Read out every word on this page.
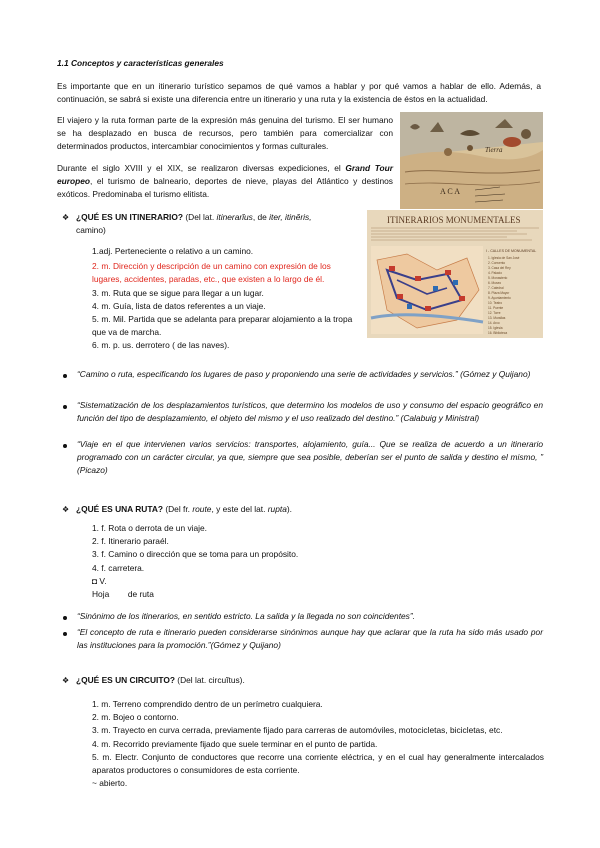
1.1 Conceptos y características generales
Es importante que en un itinerario turístico sepamos de qué vamos a hablar y por qué vamos a hablar de ello. Además, a continuación, se sabrá si existe una diferencia entre un itinerario y una ruta y la existencia de éstos en la actualidad.
El viajero y la ruta forman parte de la expresión más genuina del turismo. El ser humano se ha desplazado en busca de recursos, pero también para comercializar con determinados productos, intercambiar conocimientos y formas culturales.
Durante el siglo XVIII y el XIX, se realizaron diversas expediciones, el Grand Tour europeo, el turismo de balneario, deportes de nieve, playas del Atlántico y destinos exóticos. Predominaba el turismo elitista.
Tierra
A C A
❖ ¿QUÉ ES UN ITINERARIO? (Del lat. itinerarĭus, de iter, itinĕris,
camino)
1.adj. Perteneciente o relativo a un camino.
2. m. Dirección y descripción de un camino con expresión de los lugares, accidentes, paradas, etc., que existen a lo largo de él.
3. m. Ruta que se sigue para llegar a un lugar.
4. m. Guía, lista de datos referentes a un viaje.
5. m. Mil. Partida que se adelanta para preparar alojamiento a la tropa que va de marcha.
6. m. p. us. derrotero ( de las naves).
ITINERARIOS MONUMENTALES
I - CALLES DE MONUMENTAL
1. Iglesia de San José
2. Convento
3. Casa del Rey
4. Palacio
5. Monasterio
6. Museo
7. Catedral
8. Plaza Mayor
9. Ayuntamiento
10. Teatro
11. Puente
12. Torre
13. Murallas
14. Arco
15. Iglesia
16. Biblioteca
“Camino o ruta, especificando los lugares de paso y proponiendo una serie de actividades y servicios.” (Gómez y Quijano)
“Sistematización de los desplazamientos turísticos, que determino los modelos de uso y consumo del espacio geográfico en función del tipo de desplazamiento, el objeto del mismo y el uso realizado del destino.” (Calabuig y Ministral)
“Viaje en el que intervienen varios servicios: transportes, alojamiento, guía... Que se realiza de acuerdo a un itinerario programado con un carácter circular, ya que, siempre que sea posible, deberían ser el punto de salida y destino el mismo, ” (Picazo)
❖ ¿QUÉ ES UNA RUTA? (Del fr. route, y este del lat. rupta).
1. f. Rota o derrota de un viaje.
2. f. Itinerario paraél.
3. f. Camino o dirección que se toma para un propósito.
4. f. carretera.
◘ V.
Hoja        de ruta
“Sinónimo de los itinerarios, en sentido estricto. La salida y la llegada no son coincidentes”.
“El concepto de ruta e itinerario pueden considerarse sinónimos aunque hay que aclarar que la ruta ha sido más usado por las instituciones para la promoción.”(Gómez y Quijano)
❖ ¿QUÉ ES UN CIRCUITO? (Del lat. circuĭtus).
1. m. Terreno comprendido dentro de un perímetro cualquiera.
2. m. Bojeo o contorno.
3. m. Trayecto en curva cerrada, previamente fijado para carreras de automóviles, motocicletas, bicicletas, etc.
4. m. Recorrido previamente fijado que suele terminar en el punto de partida.
5. m. Electr. Conjunto de conductores que recorre una corriente eléctrica, y en el cual hay generalmente intercalados aparatos productores o consumidores de esta corriente.
~ abierto.
